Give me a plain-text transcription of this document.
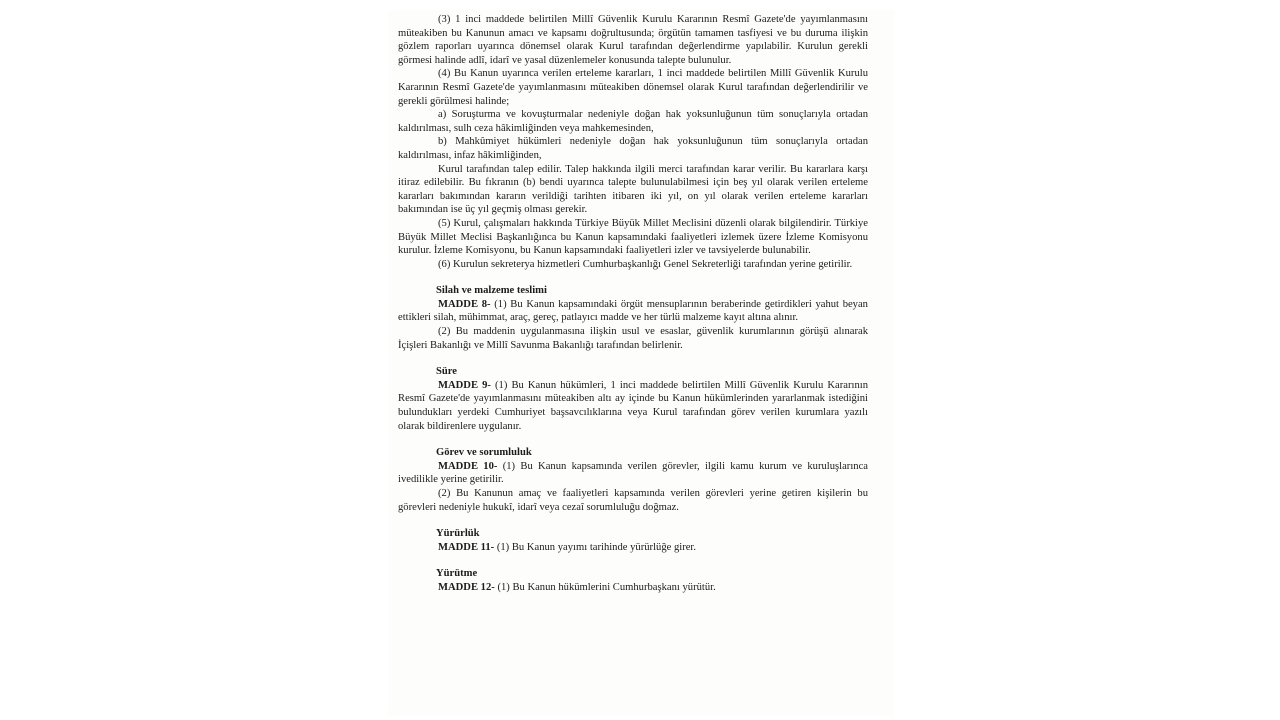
(3) 1 inci maddede belirtilen Millî Güvenlik Kurulu Kararının Resmî Gazete'de yayımlanmasını müteakiben bu Kanunun amacı ve kapsamı doğrultusunda; örgütün tamamen tasfiyesi ve bu duruma ilişkin gözlem raporları uyarınca dönemsel olarak Kurul tarafından değerlendirme yapılabilir. Kurulun gerekli görmesi halinde adlî, idarî ve yasal düzenlemeler konusunda talepte bulunulur.

(4) Bu Kanun uyarınca verilen erteleme kararları, 1 inci maddede belirtilen Millî Güvenlik Kurulu Kararının Resmî Gazete'de yayımlanmasını müteakiben dönemsel olarak Kurul tarafından değerlendirilir ve gerekli görülmesi halinde;

a) Soruşturma ve kovuşturmalar nedeniyle doğan hak yoksunluğunun tüm sonuçlarıyla ortadan kaldırılması, sulh ceza hâkimliğinden veya mahkemesinden,

b) Mahkûmiyet hükümleri nedeniyle doğan hak yoksunluğunun tüm sonuçlarıyla ortadan kaldırılması, infaz hâkimliğinden,

Kurul tarafından talep edilir. Talep hakkında ilgili merci tarafından karar verilir. Bu kararlara karşı itiraz edilebilir. Bu fıkranın (b) bendi uyarınca talepte bulunulabilmesi için beş yıl olarak verilen erteleme kararları bakımından kararın verildiği tarihten itibaren iki yıl, on yıl olarak verilen erteleme kararları bakımından ise üç yıl geçmiş olması gerekir.

(5) Kurul, çalışmaları hakkında Türkiye Büyük Millet Meclisini düzenli olarak bilgilendirir. Türkiye Büyük Millet Meclisi Başkanlığınca bu Kanun kapsamındaki faaliyetleri izlemek üzere İzleme Komisyonu kurulur. İzleme Komisyonu, bu Kanun kapsamındaki faaliyetleri izler ve tavsiyelerde bulunabilir.

(6) Kurulun sekreterya hizmetleri Cumhurbaşkanlığı Genel Sekreterliği tarafından yerine getirilir.

Silah ve malzeme teslimi

MADDE 8- (1) Bu Kanun kapsamındaki örgüt mensuplarının beraberinde getirdikleri yahut beyan ettikleri silah, mühimmat, araç, gereç, patlayıcı madde ve her türlü malzeme kayıt altına alınır.

(2) Bu maddenin uygulanmasına ilişkin usul ve esaslar, güvenlik kurumlarının görüşü alınarak İçişleri Bakanlığı ve Millî Savunma Bakanlığı tarafından belirlenir.

Süre

MADDE 9- (1) Bu Kanun hükümleri, 1 inci maddede belirtilen Millî Güvenlik Kurulu Kararının Resmî Gazete'de yayımlanmasını müteakiben altı ay içinde bu Kanun hükümlerinden yararlanmak istediğini bulundukları yerdeki Cumhuriyet başsavcılıklarına veya Kurul tarafından görev verilen kurumlara yazılı olarak bildirenlere uygulanır.

Görev ve sorumluluk

MADDE 10- (1) Bu Kanun kapsamında verilen görevler, ilgili kamu kurum ve kuruluşlarınca ivedilikle yerine getirilir.

(2) Bu Kanunun amaç ve faaliyetleri kapsamında verilen görevleri yerine getiren kişilerin bu görevleri nedeniyle hukukî, idarî veya cezaî sorumluluğu doğmaz.

Yürürlük

MADDE 11- (1) Bu Kanun yayımı tarihinde yürürlüğe girer.

Yürütme

MADDE 12- (1) Bu Kanun hükümlerini Cumhurbaşkanı yürütür.
